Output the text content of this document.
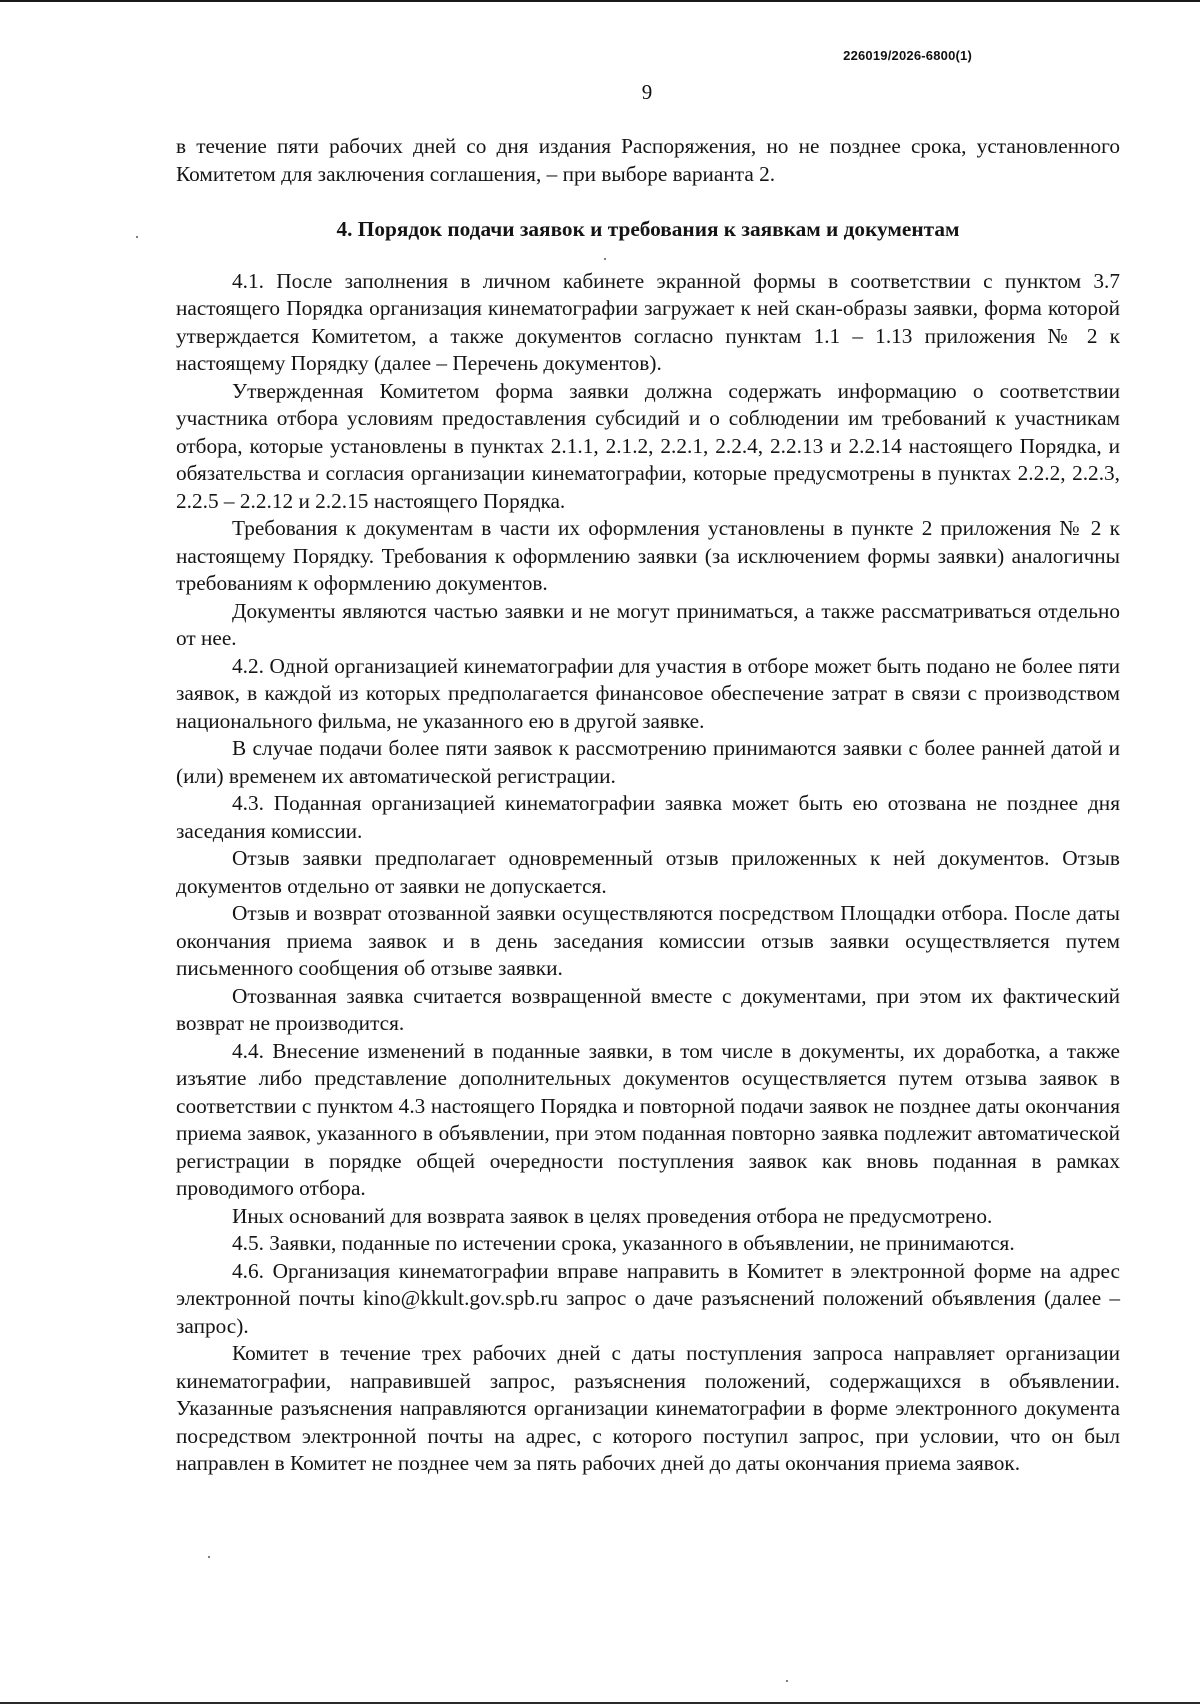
226019/2026-6800(1)
9

в течение пяти рабочих дней со дня издания Распоряжения, но не позднее срока, установленного Комитетом для заключения соглашения, – при выборе варианта 2.

4. Порядок подачи заявок и требования к заявкам и документам

4.1. После заполнения в личном кабинете экранной формы в соответствии с пунктом 3.7 настоящего Порядка организация кинематографии загружает к ней скан-образы заявки, форма которой утверждается Комитетом, а также документов согласно пунктам 1.1 – 1.13 приложения № 2 к настоящему Порядку (далее – Перечень документов).

Утвержденная Комитетом форма заявки должна содержать информацию о соответствии участника отбора условиям предоставления субсидий и о соблюдении им требований к участникам отбора, которые установлены в пунктах 2.1.1, 2.1.2, 2.2.1, 2.2.4, 2.2.13 и 2.2.14 настоящего Порядка, и обязательства и согласия организации кинематографии, которые предусмотрены в пунктах 2.2.2, 2.2.3, 2.2.5 – 2.2.12 и 2.2.15 настоящего Порядка.

Требования к документам в части их оформления установлены в пункте 2 приложения № 2 к настоящему Порядку. Требования к оформлению заявки (за исключением формы заявки) аналогичны требованиям к оформлению документов.

Документы являются частью заявки и не могут приниматься, а также рассматриваться отдельно от нее.

4.2. Одной организацией кинематографии для участия в отборе может быть подано не более пяти заявок, в каждой из которых предполагается финансовое обеспечение затрат в связи с производством национального фильма, не указанного ею в другой заявке.

В случае подачи более пяти заявок к рассмотрению принимаются заявки с более ранней датой и (или) временем их автоматической регистрации.

4.3. Поданная организацией кинематографии заявка может быть ею отозвана не позднее дня заседания комиссии.

Отзыв заявки предполагает одновременный отзыв приложенных к ней документов. Отзыв документов отдельно от заявки не допускается.

Отзыв и возврат отозванной заявки осуществляются посредством Площадки отбора. После даты окончания приема заявок и в день заседания комиссии отзыв заявки осуществляется путем письменного сообщения об отзыве заявки.

Отозванная заявка считается возвращенной вместе с документами, при этом их фактический возврат не производится.

4.4. Внесение изменений в поданные заявки, в том числе в документы, их доработка, а также изъятие либо представление дополнительных документов осуществляется путем отзыва заявок в соответствии с пунктом 4.3 настоящего Порядка и повторной подачи заявок не позднее даты окончания приема заявок, указанного в объявлении, при этом поданная повторно заявка подлежит автоматической регистрации в порядке общей очередности поступления заявок как вновь поданная в рамках проводимого отбора.

Иных оснований для возврата заявок в целях проведения отбора не предусмотрено.

4.5. Заявки, поданные по истечении срока, указанного в объявлении, не принимаются.

4.6. Организация кинематографии вправе направить в Комитет в электронной форме на адрес электронной почты kino@kkult.gov.spb.ru запрос о даче разъяснений положений объявления (далее – запрос).

Комитет в течение трех рабочих дней с даты поступления запроса направляет организации кинематографии, направившей запрос, разъяснения положений, содержащихся в объявлении. Указанные разъяснения направляются организации кинематографии в форме электронного документа посредством электронной почты на адрес, с которого поступил запрос, при условии, что он был направлен в Комитет не позднее чем за пять рабочих дней до даты окончания приема заявок.
